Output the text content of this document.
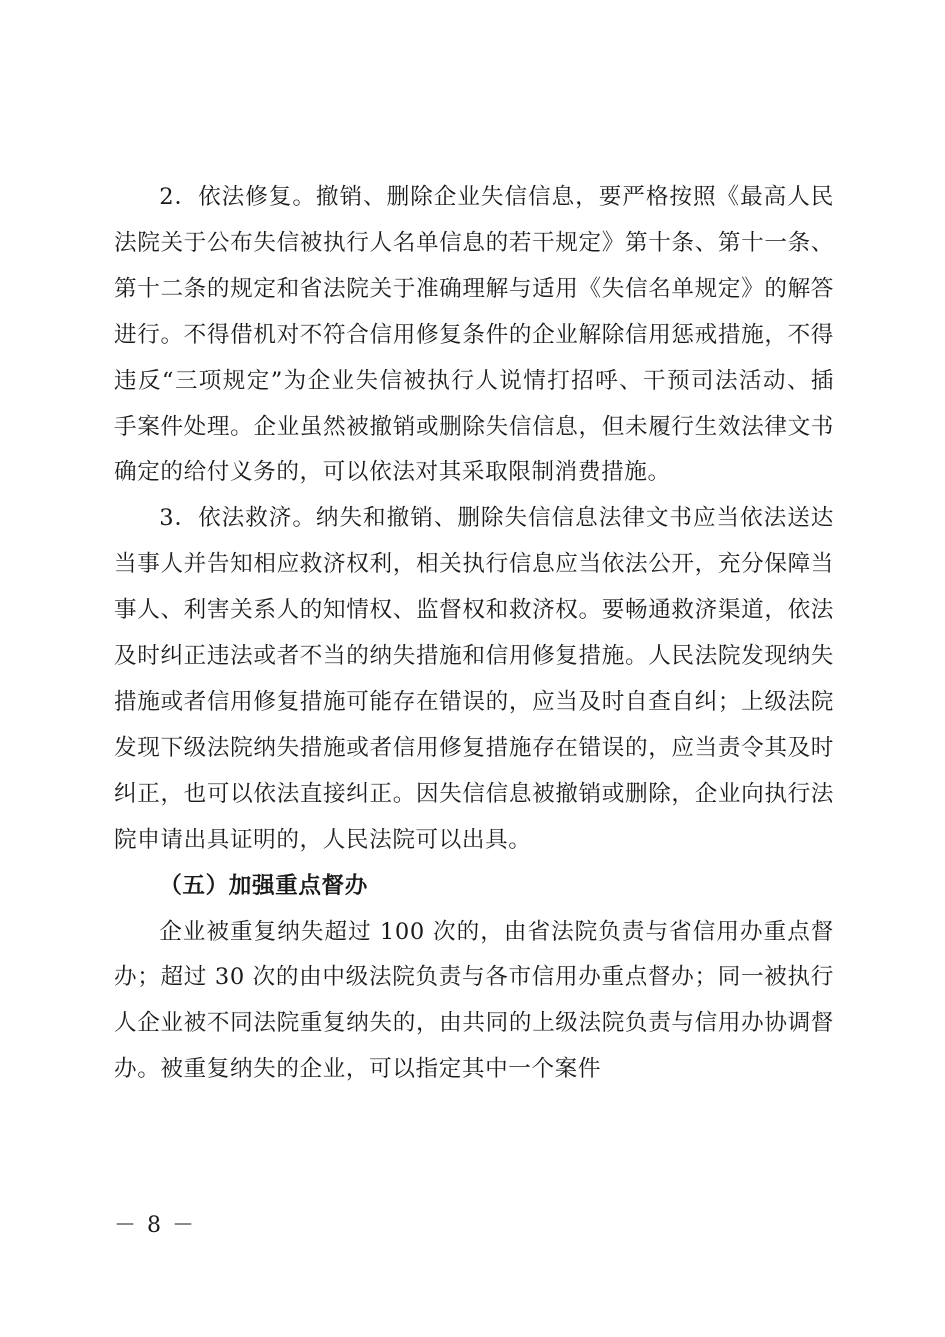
2．依法修复。撤销、删除企业失信信息，要严格按照《最高人民法院关于公布失信被执行人名单信息的若干规定》第十条、第十一条、第十二条的规定和省法院关于准确理解与适用《失信名单规定》的解答进行。不得借机对不符合信用修复条件的企业解除信用惩戒措施，不得违反“三项规定”为企业失信被执行人说情打招呼、干预司法活动、插手案件处理。企业虽然被撤销或删除失信信息，但未履行生效法律文书确定的给付义务的，可以依法对其采取限制消费措施。

3．依法救济。纳失和撤销、删除失信信息法律文书应当依法送达当事人并告知相应救济权利，相关执行信息应当依法公开，充分保障当事人、利害关系人的知情权、监督权和救济权。要畅通救济渠道，依法及时纠正违法或者不当的纳失措施和信用修复措施。人民法院发现纳失措施或者信用修复措施可能存在错误的，应当及时自查自纠；上级法院发现下级法院纳失措施或者信用修复措施存在错误的，应当责令其及时纠正，也可以依法直接纠正。因失信信息被撤销或删除，企业向执行法院申请出具证明的，人民法院可以出具。

（五）加强重点督办

企业被重复纳失超过 100 次的，由省法院负责与省信用办重点督办；超过 30 次的由中级法院负责与各市信用办重点督办；同一被执行人企业被不同法院重复纳失的，由共同的上级法院负责与信用办协调督办。被重复纳失的企业，可以指定其中一个案件

－ 8 －
